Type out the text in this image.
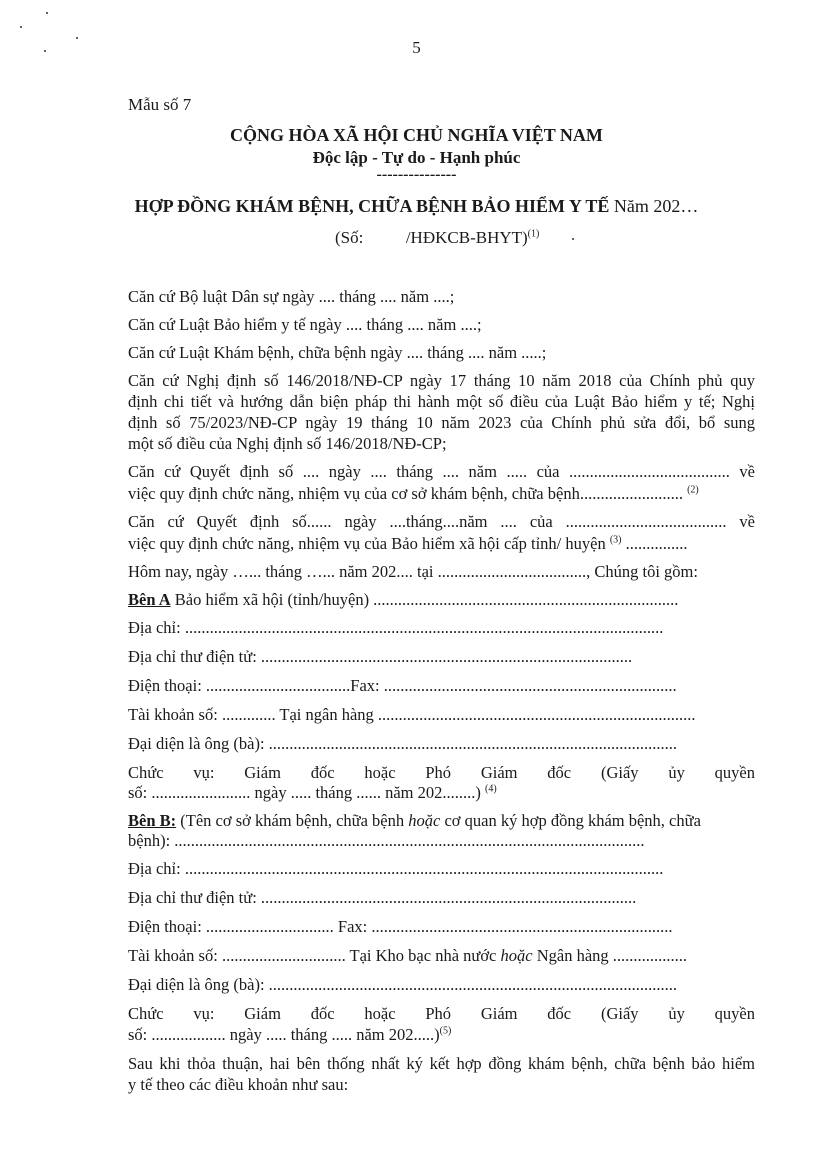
5
Mẫu số 7
CỘNG HÒA XÃ HỘI CHỦ NGHĨA VIỆT NAM
Độc lập - Tự do - Hạnh phúc
---------------
HỢP ĐỒNG KHÁM BỆNH, CHỮA BỆNH BẢO HIỂM Y TẾ Năm 202…
(Số:          /HĐKCB-BHYT)$^{(1)}$
Căn cứ Bộ luật Dân sự ngày .... tháng .... năm ....;
Căn cứ Luật Bảo hiểm y tế ngày .... tháng .... năm ....;
Căn cứ Luật Khám bệnh, chữa bệnh ngày .... tháng .... năm .....;
Căn cứ Nghị định số 146/2018/NĐ-CP ngày 17 tháng 10 năm 2018 của Chính phủ quy
định chi tiết và hướng dẫn biện pháp thi hành một số điều của Luật Bảo hiểm y tế; Nghị
định số 75/2023/NĐ-CP ngày 19 tháng 10 năm 2023 của Chính phủ sửa đổi, bổ sung
một số điều của Nghị định số 146/2018/NĐ-CP;
Căn cứ Quyết định số .... ngày .... tháng .... năm ..... của ....................................... về
việc quy định chức năng, nhiệm vụ của cơ sở khám bệnh, chữa bệnh......................... $^{(2)}$
Căn cứ Quyết định số...... ngày ....tháng....năm .... của ....................................... về
việc quy định chức năng, nhiệm vụ của Bảo hiểm xã hội cấp tỉnh/ huyện $^{(3)}$ ...............
Hôm nay, ngày …... tháng …... năm 202.... tại ...................................., Chúng tôi gồm:
Bên A Bảo hiểm xã hội (tỉnh/huyện) ..........................................................................
Địa chỉ: ....................................................................................................................
Địa chỉ thư điện tử: ..........................................................................................
Điện thoại: ...................................Fax: .......................................................................
Tài khoản số: ............. Tại ngân hàng .............................................................................
Đại diện là ông (bà): ...................................................................................................
Chức vụ: Giám đốc hoặc Phó Giám đốc (Giấy ủy quyền
số: ........................ ngày ..... tháng ...... năm 202........) $^{(4)}$
Bên B: (Tên cơ sở khám bệnh, chữa bệnh hoặc cơ quan ký hợp đồng khám bệnh, chữa
bệnh): ..................................................................................................................
Địa chỉ: ....................................................................................................................
Địa chỉ thư điện tử: ...........................................................................................
Điện thoại: ............................... Fax: .........................................................................
Tài khoản số: .............................. Tại Kho bạc nhà nước hoặc Ngân hàng ..................
Đại diện là ông (bà): ...................................................................................................
Chức vụ: Giám đốc hoặc Phó Giám đốc (Giấy ủy quyền
số: .................. ngày ..... tháng ..... năm 202.....)$^{(5)}$
Sau khi thỏa thuận, hai bên thống nhất ký kết hợp đồng khám bệnh, chữa bệnh bảo hiểm
y tế theo các điều khoản như sau:
